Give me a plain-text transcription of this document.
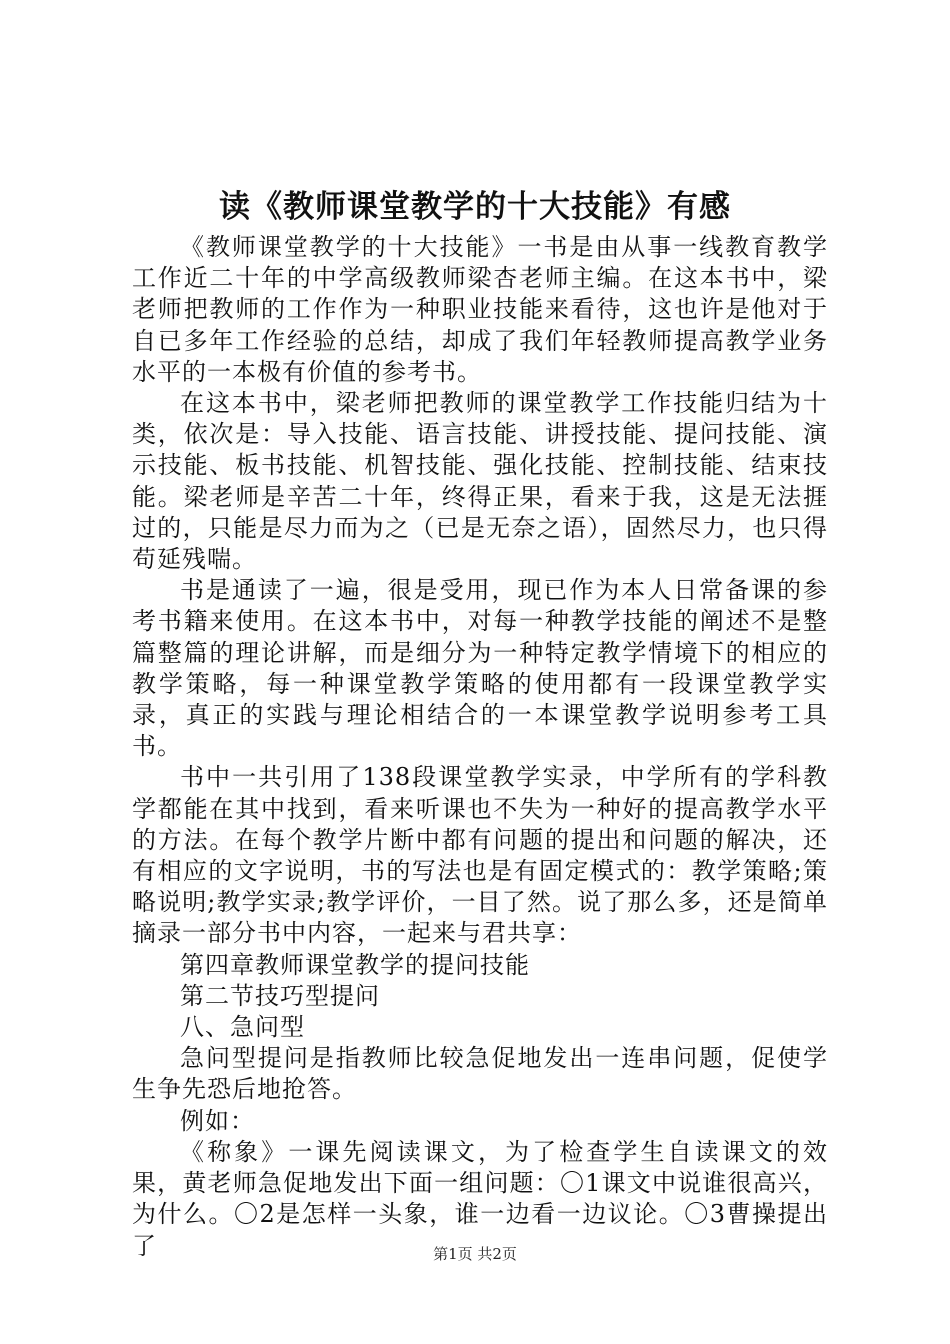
读《教师课堂教学的十大技能》有感

《教师课堂教学的十大技能》一书是由从事一线教育教学工作近二十年的中学高级教师梁杏老师主编。在这本书中，梁老师把教师的工作作为一种职业技能来看待，这也许是他对于自已多年工作经验的总结，却成了我们年轻教师提高教学业务水平的一本极有价值的参考书。

在这本书中，梁老师把教师的课堂教学工作技能归结为十类，依次是：导入技能、语言技能、讲授技能、提问技能、演示技能、板书技能、机智技能、强化技能、控制技能、结束技能。梁老师是辛苦二十年，终得正果，看来于我，这是无法捱过的，只能是尽力而为之（已是无奈之语），固然尽力，也只得苟延残喘。

书是通读了一遍，很是受用，现已作为本人日常备课的参考书籍来使用。在这本书中，对每一种教学技能的阐述不是整篇整篇的理论讲解，而是细分为一种特定教学情境下的相应的教学策略，每一种课堂教学策略的使用都有一段课堂教学实录，真正的实践与理论相结合的一本课堂教学说明参考工具书。

书中一共引用了138段课堂教学实录，中学所有的学科教学都能在其中找到，看来听课也不失为一种好的提高教学水平的方法。在每个教学片断中都有问题的提出和问题的解决，还有相应的文字说明，书的写法也是有固定模式的：教学策略;策略说明;教学实录;教学评价，一目了然。说了那么多，还是简单摘录一部分书中内容，一起来与君共享：

第四章教师课堂教学的提问技能

第二节技巧型提问

八、急问型

急问型提问是指教师比较急促地发出一连串问题，促使学生争先恐后地抢答。

例如：

《称象》一课先阅读课文，为了检查学生自读课文的效果，黄老师急促地发出下面一组问题：〇1课文中说谁很高兴，为什么。〇2是怎样一头象，谁一边看一边议论。〇3曹操提出了	第1页 共2页
